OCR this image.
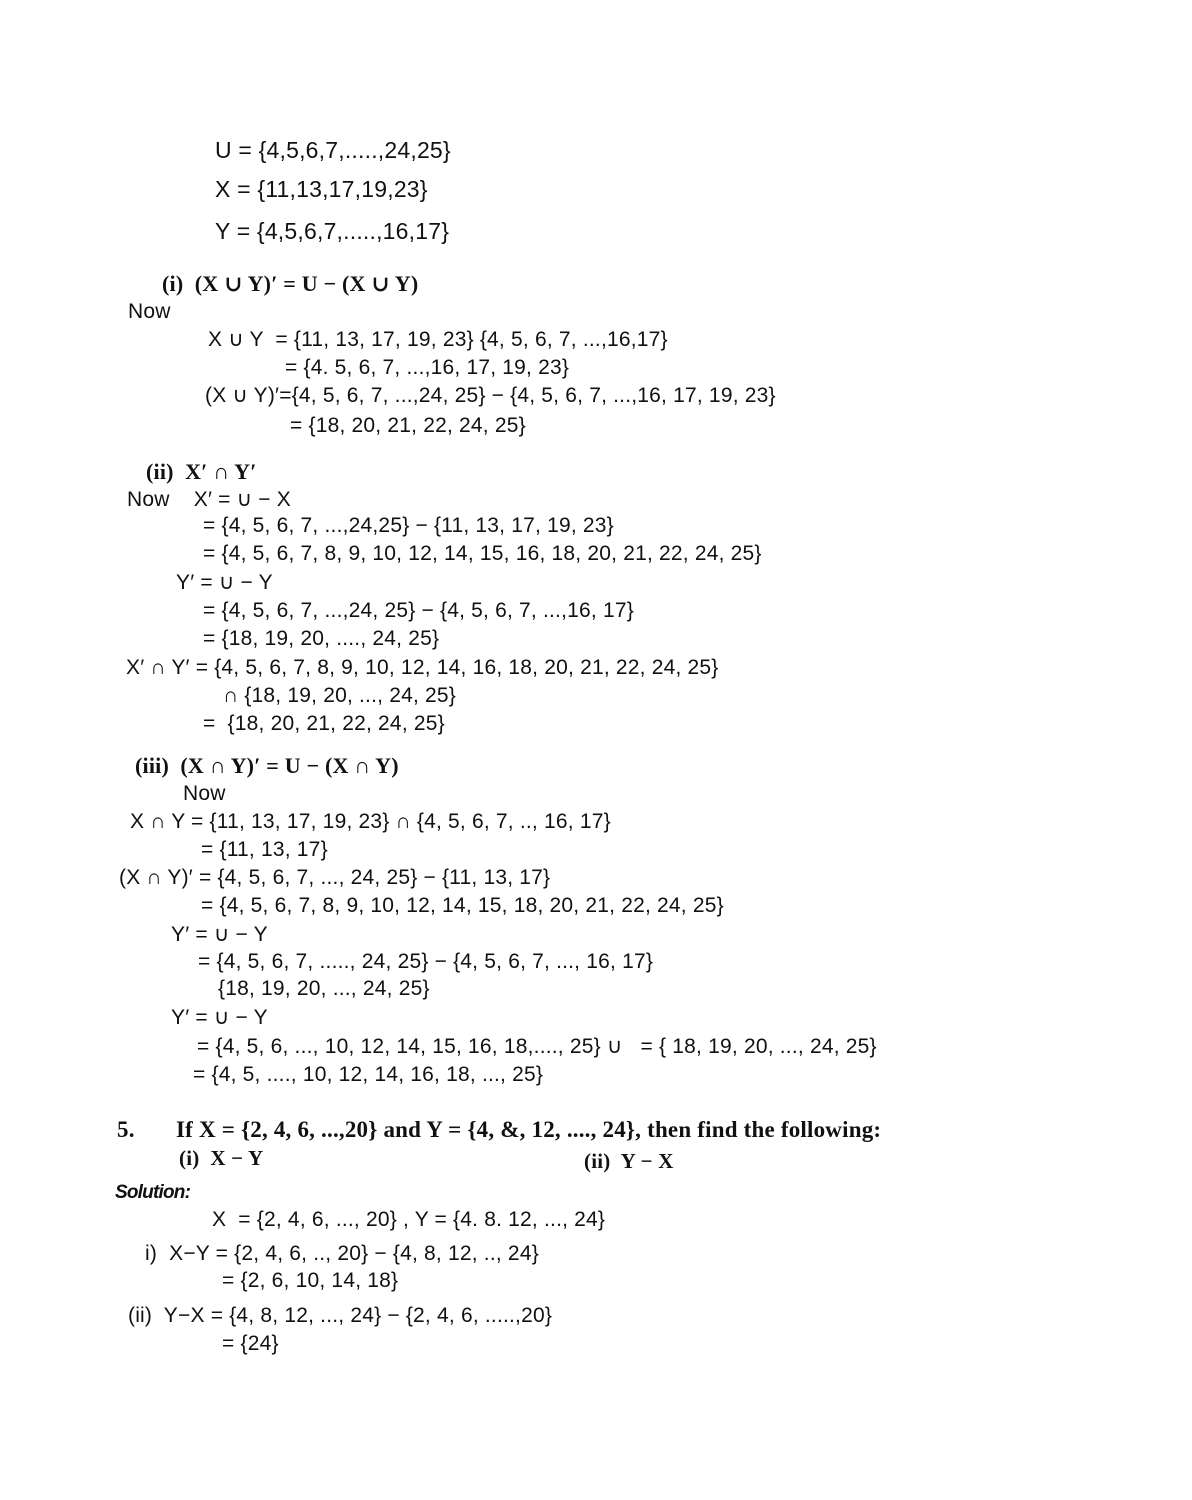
U = {4,5,6,7,.....,24,25}
X = {11,13,17,19,23}
Y = {4,5,6,7,.....,16,17}
(i)  (X ∪ Y)′ = U − (X ∪ Y)
Now
X ∪ Y  = {11, 13, 17, 19, 23} {4, 5, 6, 7, ...,16,17}
= {4. 5, 6, 7, ...,16, 17, 19, 23}
(X ∪ Y)′={4, 5, 6, 7, ...,24, 25} − {4, 5, 6, 7, ...,16, 17, 19, 23}
= {18, 20, 21, 22, 24, 25}
(ii)  X′ ∩ Y′
Now    X′ = ∪ − X
= {4, 5, 6, 7, ...,24,25} − {11, 13, 17, 19, 23}
= {4, 5, 6, 7, 8, 9, 10, 12, 14, 15, 16, 18, 20, 21, 22, 24, 25}
Y′ = ∪ − Y
= {4, 5, 6, 7, ...,24, 25} − {4, 5, 6, 7, ...,16, 17}
= {18, 19, 20, ...., 24, 25}
X′ ∩ Y′ = {4, 5, 6, 7, 8, 9, 10, 12, 14, 16, 18, 20, 21, 22, 24, 25}
∩ {18, 19, 20, ..., 24, 25}
=  {18, 20, 21, 22, 24, 25}
(iii)  (X ∩ Y)′ = U − (X ∩ Y)
Now
X ∩ Y = {11, 13, 17, 19, 23} ∩ {4, 5, 6, 7, .., 16, 17}
= {11, 13, 17}
(X ∩ Y)′ = {4, 5, 6, 7, ..., 24, 25} − {11, 13, 17}
= {4, 5, 6, 7, 8, 9, 10, 12, 14, 15, 18, 20, 21, 22, 24, 25}
Y′ = ∪ − Y
= {4, 5, 6, 7, ....., 24, 25} − {4, 5, 6, 7, ..., 16, 17}
{18, 19, 20, ..., 24, 25}
Y′ = ∪ − Y
= {4, 5, 6, ..., 10, 12, 14, 15, 16, 18,...., 25} ∪   = { 18, 19, 20, ..., 24, 25}
= {4, 5, ...., 10, 12, 14, 16, 18, ..., 25}
5. If X = {2, 4, 6, ...,20} and Y = {4, &, 12, ...., 24}, then find the following:
(i)  X − Y	(ii)  Y − X
Solution:
X  = {2, 4, 6, ..., 20} , Y = {4. 8. 12, ..., 24}
i)  X−Y = {2, 4, 6, .., 20} − {4, 8, 12, .., 24}
= {2, 6, 10, 14, 18}
(ii)  Y−X = {4, 8, 12, ..., 24} − {2, 4, 6, .....,20}
= {24}
